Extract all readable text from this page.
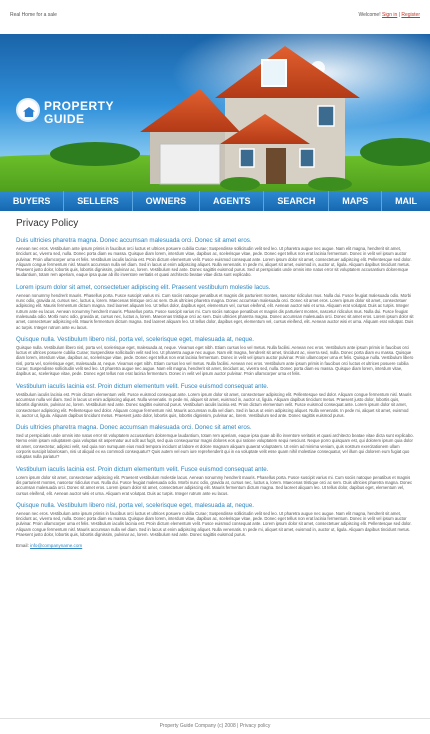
Real Home for a sale	Welcome! Sign in | Register
PROPERTY
GUIDE
BUYERS	SELLERS	OWNERS	AGENTS	SEARCH	MAPS	MAIL
Privacy Policy
Duis ultricies pharetra magna. Donec accumsan malesuada orci. Donec sit amet eros.

Aenean nec eros. Vestibulum ante ipsum primis in faucibus orci luctus et ultrices posuere cubilia Curae; Suspendisse sollicitudin velit sed leo. Ut pharetra augue nec augue. Nam elit magna, hendrerit sit amet, tincidunt ac, viverra sed, nulla. Donec porta diam eu massa. Quisque diam lorem, interdum vitae, dapibus ac, scelerisque vitae, pede. Donec eget tellus non erat lacinia fermentum. Donec in velit vel ipsum auctor pulvinar. Proin ullamcorper urna et felis. Vestibulum iaculis lacinia est. Proin dictum elementum velit. Fusce euismod consequat ante. Lorem ipsum dolor sit amet, consectetuer adipiscing elit. Pellentesque sed dolor. Aliquam congue fermentum nisl. Mauris accumsan nulla vel diam. Sed in lacus ut enim adipiscing aliquet. Nulla venenatis. In pede mi, aliquet sit amet, euismod in, auctor ut, ligula. Aliquam dapibus tincidunt metus. Praesent justo dolor, lobortis quis, lobortis dignissim, pulvinar ac, lorem. Vestibulum sed ante. Donec sagittis euismod purus. Sed ut perspiciatis unde omnis iste natus error sit voluptatem accusantium doloremque laudantium, totam rem aperiam, eaque ipsa quae ab illo inventore veritatis et quasi architecto beatae vitae dicta sunt explicabo.

Lorem ipsum dolor sit amet, consectetuer adipiscing elit. Praesent vestibulum molestie lacus.

Aenean nonummy hendrerit mauris. Phasellus porta. Fusce suscipit varius mi. Cum sociis natoque penatibus et magnis dis parturient montes, nascetur ridiculus mus. Nulla dui. Fusce feugiat malesuada odio. Morbi nunc odio, gravida at, cursus nec, luctus a, lorem. Maecenas tristique orci ac sem. Duis ultricies pharetra magna. Donec accumsan malesuada orci. Donec sit amet eros. Lorem ipsum dolor sit amet, consectetuer adipiscing elit. Mauris fermentum dictum magna. Sed laoreet aliquam leo. Ut tellus dolor, dapibus eget, elementum vel, cursus eleifend, elit. Aenean auctor wisi et urna. Aliquam erat volutpat. Duis ac turpis. Integer rutrum ante eu lacus. Aenean nonummy hendrerit mauris. Phasellus porta. Fusce suscipit varius mi. Cum sociis natoque penatibus et magnis dis parturient montes, nascetur ridiculus mus. Nulla dui. Fusce feugiat malesuada odio. Morbi nunc odio, gravida at, cursus nec, luctus a, lorem. Maecenas tristique orci ac sem. Duis ultricies pharetra magna. Donec accumsan malesuada orci. Donec sit amet eros. Lorem ipsum dolor sit amet, consectetuer adipiscing elit. Mauris fermentum dictum magna. Sed laoreet aliquam leo. Ut tellus dolor, dapibus eget, elementum vel, cursus eleifend, elit. Aenean auctor wisi et urna. Aliquam erat volutpat. Duis ac turpis. Integer rutrum ante eu lacus.

Quisque nulla. Vestibulum libero nisl, porta vel, scelerisque eget, malesuada at, neque.

Quisque nulla. Vestibulum libero nisl, porta vel, scelerisque eget, malesuada at, neque. Vivamus eget nibh. Etiam cursus leo vel metus. Nulla facilisi. Aenean nec eros. Vestibulum ante ipsum primis in faucibus orci luctus et ultrices posuere cubilia Curae; Suspendisse sollicitudin velit sed leo. Ut pharetra augue nec augue. Nam elit magna, hendrerit sit amet, tincidunt ac, viverra sed, nulla. Donec porta diam eu massa. Quisque diam lorem, interdum vitae, dapibus ac, scelerisque vitae, pede. Donec eget tellus non erat lacinia fermentum. Donec in velit vel ipsum auctor pulvinar. Proin ullamcorper urna et felis. Quisque nulla. Vestibulum libero nisl, porta vel, scelerisque eget, malesuada at, neque. Vivamus eget nibh. Etiam cursus leo vel metus. Nulla facilisi. Aenean nec eros. Vestibulum ante ipsum primis in faucibus orci luctus et ultrices posuere cubilia Curae; Suspendisse sollicitudin velit sed leo. Ut pharetra augue nec augue. Nam elit magna, hendrerit sit amet, tincidunt ac, viverra sed, nulla. Donec porta diam eu massa. Quisque diam lorem, interdum vitae, dapibus ac, scelerisque vitae, pede. Donec eget tellus non erat lacinia fermentum. Donec in velit vel ipsum auctor pulvinar. Proin ullamcorper urna et felis.

Vestibulum iaculis lacinia est. Proin dictum elementum velit. Fusce euismod consequat ante.

Vestibulum iaculis lacinia est. Proin dictum elementum velit. Fusce euismod consequat ante. Lorem ipsum dolor sit amet, consectetuer adipiscing elit. Pellentesque sed dolor. Aliquam congue fermentum nisl. Mauris accumsan nulla vel diam. Sed in lacus ut enim adipiscing aliquet. Nulla venenatis. In pede mi, aliquet sit amet, euismod in, auctor ut, ligula. Aliquam dapibus tincidunt metus. Praesent justo dolor, lobortis quis, lobortis dignissim, pulvinar ac, lorem. Vestibulum sed ante. Donec sagittis euismod purus. Vestibulum iaculis lacinia est. Proin dictum elementum velit. Fusce euismod consequat ante. Lorem ipsum dolor sit amet, consectetuer adipiscing elit. Pellentesque sed dolor. Aliquam congue fermentum nisl. Mauris accumsan nulla vel diam. Sed in lacus ut enim adipiscing aliquet. Nulla venenatis. In pede mi, aliquet sit amet, euismod in, auctor ut, ligula. Aliquam dapibus tincidunt metus. Praesent justo dolor, lobortis quis, lobortis dignissim, pulvinar ac, lorem. Vestibulum sed ante. Donec sagittis euismod purus.

Duis ultricies pharetra magna. Donec accumsan malesuada orci. Donec sit amet eros.

Sed ut perspiciatis unde omnis iste natus error sit voluptatem accusantium doloremque laudantium, totam rem aperiam, eaque ipsa quae ab illo inventore veritatis et quasi architecto beatae vitae dicta sunt explicabo. Nemo enim ipsam voluptatem quia voluptas sit aspernatur aut odit aut fugit, sed quia consequuntur magni dolores eos qui ratione voluptatem sequi nesciunt. Neque porro quisquam est, qui dolorem ipsum quia dolor sit amet, consectetur, adipisci velit, sed quia non numquam eius modi tempora incidunt ut labore et dolore magnam aliquam quaerat voluptatem. Ut enim ad minima veniam, quis nostrum exercitationem ullam corporis suscipit laboriosam, nisi ut aliquid ex ea commodi consequatur? Quis autem vel eum iure reprehenderit qui in ea voluptate velit esse quam nihil molestiae consequatur, vel illum qui dolorem eum fugiat quo voluptas nulla pariatur?

Vestibulum iaculis lacinia est. Proin dictum elementum velit. Fusce euismod consequat ante.

Lorem ipsum dolor sit amet, consectetuer adipiscing elit. Praesent vestibulum molestie lacus. Aenean nonummy hendrerit mauris. Phasellus porta. Fusce suscipit varius mi. Cum sociis natoque penatibus et magnis dis parturient montes, nascetur ridiculus mus. Nulla dui. Fusce feugiat malesuada odio. Morbi nunc odio, gravida at, cursus nec, luctus a, lorem. Maecenas tristique orci ac sem. Duis ultricies pharetra magna. Donec accumsan malesuada orci. Donec sit amet eros. Lorem ipsum dolor sit amet, consectetuer adipiscing elit. Mauris fermentum dictum magna. Sed laoreet aliquam leo. Ut tellus dolor, dapibus eget, elementum vel, cursus eleifend, elit. Aenean auctor wisi et urna. Aliquam erat volutpat. Duis ac turpis. Integer rutrum ante eu lacus.

Quisque nulla. Vestibulum libero nisl, porta vel, scelerisque eget, malesuada at, neque.

Aenean nec eros. Vestibulum ante ipsum primis in faucibus orci luctus et ultrices posuere cubilia Curae; Suspendisse sollicitudin velit sed leo. Ut pharetra augue nec augue. Nam elit magna, hendrerit sit amet, tincidunt ac, viverra sed, nulla. Donec porta diam eu massa. Quisque diam lorem, interdum vitae, dapibus ac, scelerisque vitae, pede. Donec eget tellus non erat lacinia fermentum. Donec in velit vel ipsum auctor pulvinar. Proin ullamcorper urna et felis. Vestibulum iaculis lacinia est. Proin dictum elementum velit. Fusce euismod consequat ante. Lorem ipsum dolor sit amet, consectetuer adipiscing elit. Pellentesque sed dolor. Aliquam congue fermentum nisl. Mauris accumsan nulla vel diam. Sed in lacus ut enim adipiscing aliquet. Nulla venenatis. In pede mi, aliquet sit amet, euismod in, auctor ut, ligula. Aliquam dapibus tincidunt metus. Praesent justo dolor, lobortis quis, lobortis dignissim, pulvinar ac, lorem. Vestibulum sed ante. Donec sagittis euismod purus.

Email: info@companyname.com
Property Guide Company (c) 2008 | Privacy policy
